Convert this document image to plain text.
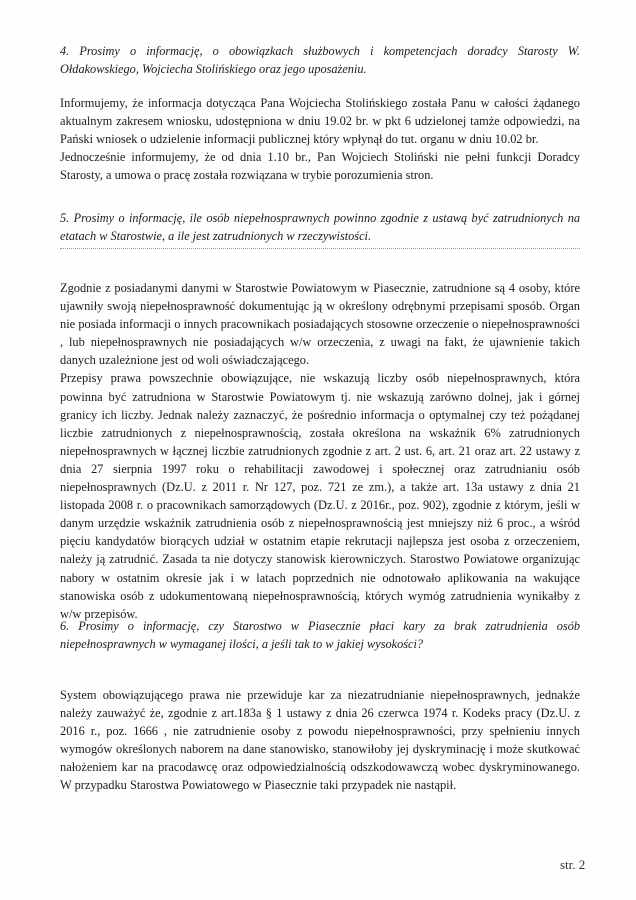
4. Prosimy o informację, o obowiązkach służbowych i kompetencjach doradcy Starosty W. Ołdakowskiego, Wojciecha Stolińskiego oraz jego uposażeniu.

Informujemy, że informacja dotycząca Pana Wojciecha Stolińskiego została Panu w całości żądanego aktualnym zakresem wniosku, udostępniona w dniu 19.02 br. w pkt 6 udzielonej tamże odpowiedzi, na Pański wniosek o udzielenie informacji publicznej który wpłynął do tut. organu w dniu 10.02 br.

Jednocześnie informujemy, że od dnia 1.10 br., Pan Wojciech Stoliński nie pełni funkcji Doradcy Starosty, a umowa o pracę została rozwiązana w trybie porozumienia stron.

5. Prosimy o informację, ile osób niepełnosprawnych powinno zgodnie z ustawą być zatrudnionych na etatach w Starostwie, a ile jest zatrudnionych w rzeczywistości.

Zgodnie z posiadanymi danymi w Starostwie Powiatowym w Piasecznie, zatrudnione są 4 osoby, które ujawniły swoją niepełnosprawność dokumentując ją w określony odrębnymi przepisami sposób. Organ nie posiada informacji o innych pracownikach posiadających stosowne orzeczenie o niepełnosprawności , lub niepełnosprawnych nie posiadających w/w orzeczenia, z uwagi na fakt, że ujawnienie takich danych uzależnione jest od woli oświadczającego.

Przepisy prawa powszechnie obowiązujące, nie wskazują liczby osób niepełnosprawnych, która powinna być zatrudniona w Starostwie Powiatowym tj. nie wskazują zarówno dolnej, jak i górnej granicy ich liczby. Jednak należy zaznaczyć, że pośrednio informacja o optymalnej czy też pożądanej liczbie zatrudnionych z niepełnosprawnością, została określona na wskaźnik 6% zatrudnionych niepełnosprawnych w łącznej liczbie zatrudnionych zgodnie z art. 2 ust. 6, art. 21 oraz art. 22 ustawy z dnia 27 sierpnia 1997 roku o rehabilitacji zawodowej i społecznej oraz zatrudnianiu osób niepełnosprawnych (Dz.U. z 2011 r. Nr 127, poz. 721 ze zm.), a także art. 13a ustawy z dnia 21 listopada 2008 r. o pracownikach samorządowych (Dz.U. z 2016r., poz. 902), zgodnie z którym, jeśli w danym urzędzie wskaźnik zatrudnienia osób z niepełnosprawnością jest mniejszy niż 6 proc., a wśród pięciu kandydatów biorących udział w ostatnim etapie rekrutacji najlepsza jest osoba z orzeczeniem, należy ją zatrudnić. Zasada ta nie dotyczy stanowisk kierowniczych. Starostwo Powiatowe organizując nabory w ostatnim okresie jak i w latach poprzednich nie odnotowało aplikowania na wakujące stanowiska osób z udokumentowaną niepełnosprawnością, których wymóg zatrudnienia wynikałby z w/w przepisów.

6. Prosimy o informację, czy Starostwo w Piasecznie płaci kary za brak zatrudnienia osób niepełnosprawnych w wymaganej ilości, a jeśli tak to w jakiej wysokości?

System obowiązującego prawa nie przewiduje kar za niezatrudnianie niepełnosprawnych, jednakże należy zauważyć że, zgodnie z art.183a § 1 ustawy z dnia 26 czerwca 1974 r. Kodeks pracy (Dz.U. z 2016 r., poz. 1666 , nie zatrudnienie osoby z powodu niepełnosprawności, przy spełnieniu innych wymogów określonych naborem na dane stanowisko, stanowiłoby jej dyskryminację i może skutkować nałożeniem kar na pracodawcę oraz odpowiedzialnością odszkodowawczą wobec dyskryminowanego. W przypadku Starostwa Powiatowego w Piasecznie taki przypadek nie nastąpił.

str. 2
